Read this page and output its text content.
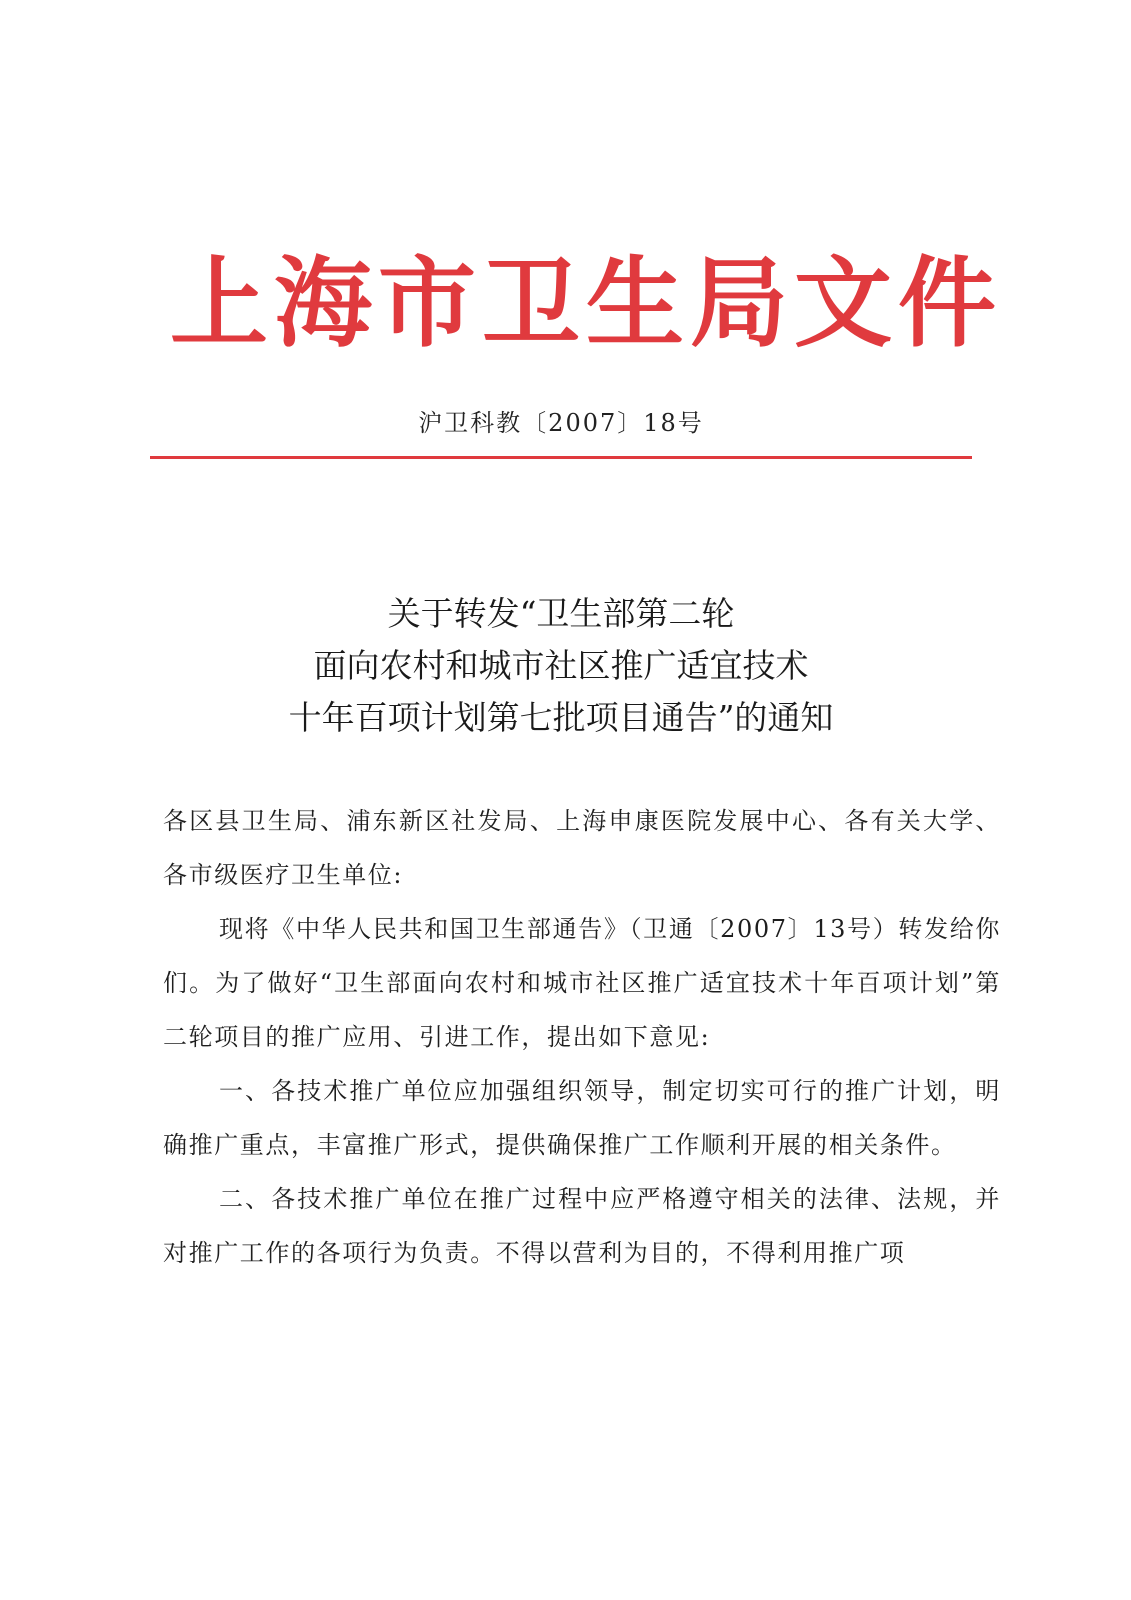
上海市卫生局文件
沪卫科教〔2007〕18号
关于转发“卫生部第二轮
面向农村和城市社区推广适宜技术
十年百项计划第七批项目通告”的通知

各区县卫生局、浦东新区社发局、上海申康医院发展中心、各有关大学、各市级医疗卫生单位:

现将《中华人民共和国卫生部通告》（卫通〔2007〕13号）转发给你们。为了做好“卫生部面向农村和城市社区推广适宜技术十年百项计划”第二轮项目的推广应用、引进工作，提出如下意见:

一、各技术推广单位应加强组织领导，制定切实可行的推广计划，明确推广重点，丰富推广形式，提供确保推广工作顺利开展的相关条件。

二、各技术推广单位在推广过程中应严格遵守相关的法律、法规，并对推广工作的各项行为负责。不得以营利为目的，不得利用推广项
